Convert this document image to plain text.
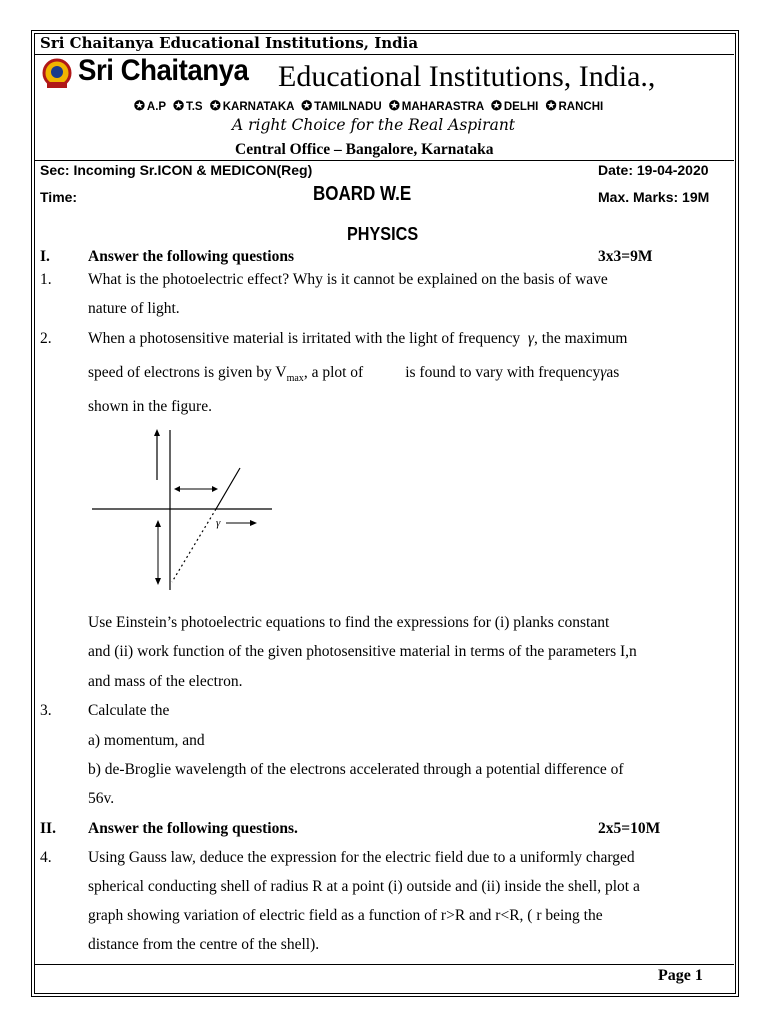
Sri Chaitanya Educational Institutions, India
Sri Chaitanya Educational Institutions, India.,
✪ A.P ✪ T.S ✪ KARNATAKA ✪ TAMILNADU ✪ MAHARASTRA ✪ DELHI ✪ RANCHI
A right Choice for the Real Aspirant
Central Office – Bangalore, Karnataka
Sec: Incoming Sr.ICON & MEDICON(Reg)	Date: 19-04-2020
Time:	BOARD W.E	Max. Marks: 19M
PHYSICS
I. Answer the following questions	3x3=9M
1. What is the photoelectric effect? Why is it cannot be explained on the basis of wave
nature of light.
2. When a photosensitive material is irritated with the light of frequency γ, the maximum
speed of electrons is given by $V_{max}$, a plot of	is found to vary with frequencyγas
shown in the figure.
γ
Use Einstein’s photoelectric equations to find the expressions for (i) planks constant
and (ii) work function of the given photosensitive material in terms of the parameters I,n
and mass of the electron.
3. Calculate the
a) momentum, and
b) de-Broglie wavelength of the electrons accelerated through a potential difference of
56v.
II. Answer the following questions.	2x5=10M
4. Using Gauss law, deduce the expression for the electric field due to a uniformly charged
spherical conducting shell of radius R at a point (i) outside and (ii) inside the shell, plot a
graph showing variation of electric field as a function of r>R and r<R, ( r being the
distance from the centre of the shell).
Page 1
